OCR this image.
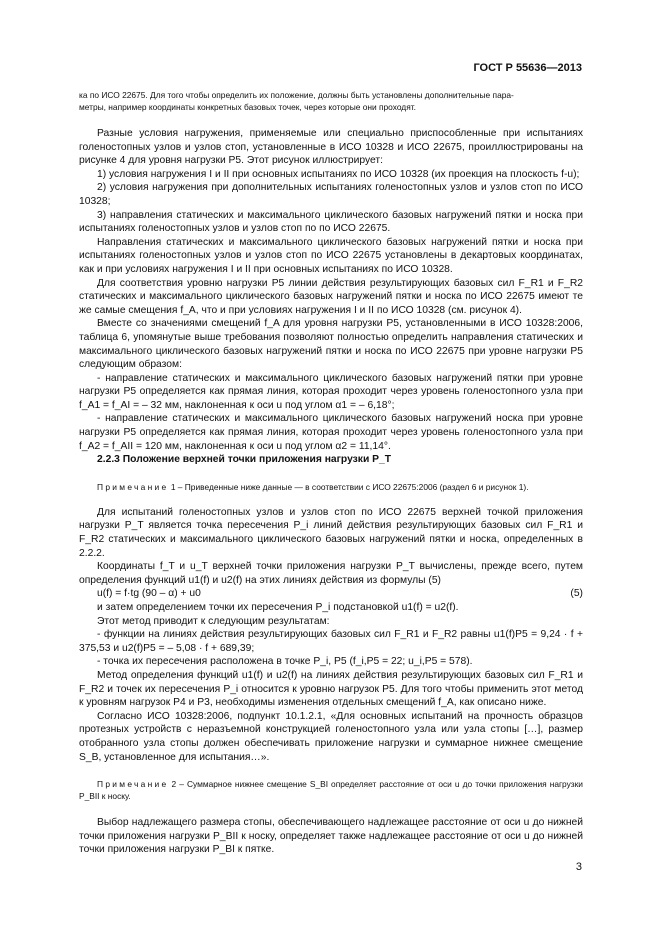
ГОСТ Р 55636—2013

ка по ИСО 22675. Для того чтобы определить их положение, должны быть установлены дополнительные пара-

метры, например координаты конкретных базовых точек, через которые они проходят.

Разные условия нагружения, применяемые или специально приспособленные при испытаниях голеностопных узлов и узлов стоп, установленные в ИСО 10328 и ИСО 22675, проиллюстрированы на рисунке 4 для уровня нагрузки P5. Этот рисунок иллюстрирует:

1) условия нагружения I и II при основных испытаниях по ИСО 10328 (их проекция на плоскость f-u);

2) условия нагружения при дополнительных испытаниях голеностопных узлов и узлов стоп по ИСО 10328;

3) направления статических и максимального циклического базовых нагружений пятки и носка при испытаниях голеностопных узлов и узлов стоп по по ИСО 22675.

Направления статических и максимального циклического базовых нагружений пятки и носка при испытаниях голеностопных узлов и узлов стоп по ИСО 22675 установлены в декартовых координатах, как и при условиях нагружения I и II при основных испытаниях по ИСО 10328.

Для соответствия уровню нагрузки P5 линии действия результирующих базовых сил F_R1 и F_R2 статических и максимального циклического базовых нагружений пятки и носка по ИСО 22675 имеют те же самые смещения f_A, что и при условиях нагружения I и II по ИСО 10328 (см. рисунок 4).

Вместе со значениями смещений f_A для уровня нагрузки P5, установленными в ИСО 10328:2006, таблица 6, упомянутые выше требования позволяют полностью определить направления статических и максимального циклического базовых нагружений пятки и носка по ИСО 22675 при уровне нагрузки P5 следующим образом:

- направление статических и максимального циклического базовых нагружений пятки при уровне нагрузки P5 определяется как прямая линия, которая проходит через уровень голеностопного узла при f_A1 = f_AI = – 32 мм, наклоненная к оси u под углом α1 = – 6,18°;

- направление статических и максимального циклического базовых нагружений носка при уровне нагрузки P5 определяется как прямая линия, которая проходит через уровень голеностопного узла при f_A2 = f_AII = 120 мм, наклоненная к оси u под углом α2 = 11,14°.

2.2.3 Положение верхней точки приложения нагрузки P_T

Примечание 1 – Приведенные ниже данные — в соответствии с ИСО 22675:2006 (раздел 6 и рисунок 1).

Для испытаний голеностопных узлов и узлов стоп по ИСО 22675 верхней точкой приложения нагрузки P_T является точка пересечения P_i линий действия результирующих базовых сил F_R1 и F_R2 статических и максимального циклического базовых нагружений пятки и носка, определенных в 2.2.2.

Координаты f_T и u_T верхней точки приложения нагрузки P_T вычислены, прежде всего, путем определения функций u1(f) и u2(f) на этих линиях действия из формулы (5)

u(f) = f·tg (90 – α) + u0	(5)

и затем определением точки их пересечения P_i подстановкой u1(f) = u2(f).

Этот метод приводит к следующим результатам:

- функции на линиях действия результирующих базовых сил F_R1 и F_R2 равны u1(f)P5 = 9,24 · f + 375,53 и u2(f)P5 = – 5,08 · f + 689,39;

- точка их пересечения расположена в точке P_i, P5 (f_i,P5 = 22; u_i,P5 = 578).

Метод определения функций u1(f) и u2(f) на линиях действия результирующих базовых сил F_R1 и F_R2 и точек их пересечения P_i относится к уровню нагрузок P5. Для того чтобы применить этот метод к уровням нагрузок P4 и P3, необходимы изменения отдельных смещений f_A, как описано ниже.

Согласно ИСО 10328:2006, подпункт 10.1.2.1, «Для основных испытаний на прочность образцов протезных устройств с неразъемной конструкцией голеностопного узла или узла стопы […], размер отобранного узла стопы должен обеспечивать приложение нагрузки и суммарное нижнее смещение S_B, установленное для испытания…».

Примечание 2 – Суммарное нижнее смещение S_BI определяет расстояние от оси u до точки приложения нагрузки P_BII к носку.

Выбор надлежащего размера стопы, обеспечивающего надлежащее расстояние от оси u до нижней точки приложения нагрузки P_BII к носку, определяет также надлежащее расстояние от оси u до нижней точки приложения нагрузки P_BI к пятке.

3
